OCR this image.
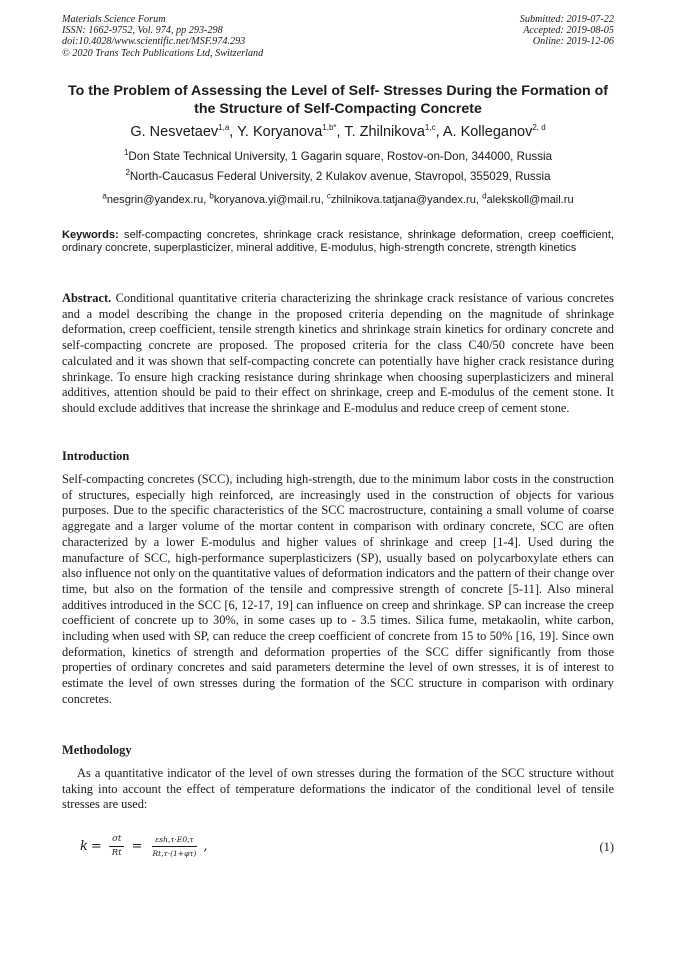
Materials Science Forum
ISSN: 1662-9752, Vol. 974, pp 293-298
doi:10.4028/www.scientific.net/MSF.974.293
© 2020 Trans Tech Publications Ltd, Switzerland
Submitted: 2019-07-22
Accepted: 2019-08-05
Online: 2019-12-06
To the Problem of Assessing the Level of Self- Stresses During the Formation of the Structure of Self-Compacting Concrete
G. Nesvetaev$^{1,a}$, Y. Koryanova$^{1,b*}$, T. Zhilnikova$^{1,c}$, A. Kolleganov$^{2, d}$
$^1$Don State Technical University, 1 Gagarin square, Rostov-on-Don, 344000, Russia
$^2$North-Caucasus Federal University, 2 Kulakov avenue, Stavropol, 355029, Russia
$^a$nesgrin@yandex.ru, $^b$koryanova.yi@mail.ru, $^c$zhilnikova.tatjana@yandex.ru, $^d$alekskoll@mail.ru
Keywords: self-compacting concretes, shrinkage crack resistance, shrinkage deformation, creep coefficient, ordinary concrete, superplasticizer, mineral additive, E-modulus, high-strength concrete, strength kinetics
Abstract. Conditional quantitative criteria characterizing the shrinkage crack resistance of various concretes and a model describing the change in the proposed criteria depending on the magnitude of shrinkage deformation, creep coefficient, tensile strength kinetics and shrinkage strain kinetics for ordinary concrete and self-compacting concrete are proposed. The proposed criteria for the class C40/50 concrete have been calculated and it was shown that self-compacting concrete can potentially have higher crack resistance during shrinkage. To ensure high cracking resistance during shrinkage when choosing superplasticizers and mineral additives, attention should be paid to their effect on shrinkage, creep and E-modulus of the cement stone. It should exclude additives that increase the shrinkage and E-modulus and reduce creep of cement stone.
Introduction
Self-compacting concretes (SCC), including high-strength, due to the minimum labor costs in the construction of structures, especially high reinforced, are increasingly used in the construction of objects for various purposes. Due to the specific characteristics of the SCC macrostructure, containing a small volume of coarse aggregate and a larger volume of the mortar content in comparison with ordinary concrete, SCC are often characterized by a lower E-modulus and higher values of shrinkage and creep [1-4]. Used during the manufacture of SCC, high-performance superplasticizers (SP), usually based on polycarboxylate ethers can also influence not only on the quantitative values of deformation indicators and the pattern of their change over time, but also on the formation of the tensile and compressive strength of concrete [5-11]. Also mineral additives introduced in the SCC [6, 12-17, 19] can influence on creep and shrinkage. SP can increase the creep coefficient of concrete up to 30%, in some cases up to - 3.5 times. Silica fume, metakaolin, white carbon, including when used with SP, can reduce the creep coefficient of concrete from 15 to 50% [16, 19]. Since own deformation, kinetics of strength and deformation properties of the SCC differ significantly from those properties of ordinary concretes and said parameters determine the level of own stresses, it is of interest to estimate the level of own stresses during the formation of the SCC structure in comparison with ordinary concretes.
Methodology
As a quantitative indicator of the level of own stresses during the formation of the SCC structure without taking into account the effect of temperature deformations the indicator of the conditional level of tensile stresses are used:
$k = \frac{\sigma t}{Rt} = \frac{\text{εsh,τ·E0,τ}}{Rt,\tau\cdot(1+\varphi\tau)}$ ,	(1)
